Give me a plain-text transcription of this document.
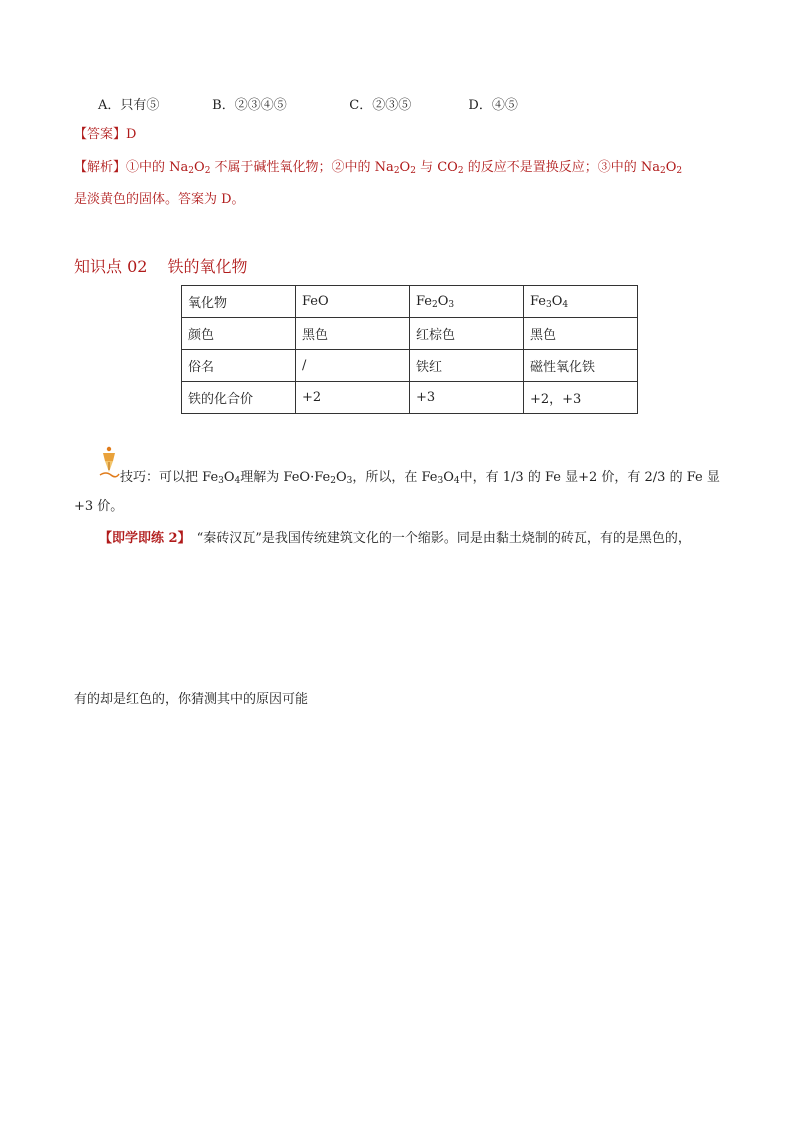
A．只有⑤	B．②③④⑤	C．②③⑤	D．④⑤
【答案】D
【解析】①中的 $Na_2O_2$ 不属于碱性氧化物；②中的 $Na_2O_2$ 与 $CO_2$ 的反应不是置换反应；③中的 $Na_2O_2$
是淡黄色的固体。答案为 D。
知识点 02 铁的氧化物
氧化物	FeO	$Fe_2O_3$	$Fe_3O_4$
颜色	黑色	红棕色	黑色
俗名	/	铁红	磁性氧化铁
铁的化合价	+2	+3	+2，+3
技巧：可以把 $Fe_3O_4$理解为 $FeO\cdot Fe_2O_3$，所以，在 $Fe_3O_4$中，有 1/3 的 Fe 显+2 价，有 2/3 的 Fe 显
+3 价。
【即学即练 2】 “秦砖汉瓦”是我国传统建筑文化的一个缩影。同是由黏土烧制的砖瓦，有的是黑色的，
有的却是红色的，你猜测其中的原因可能
